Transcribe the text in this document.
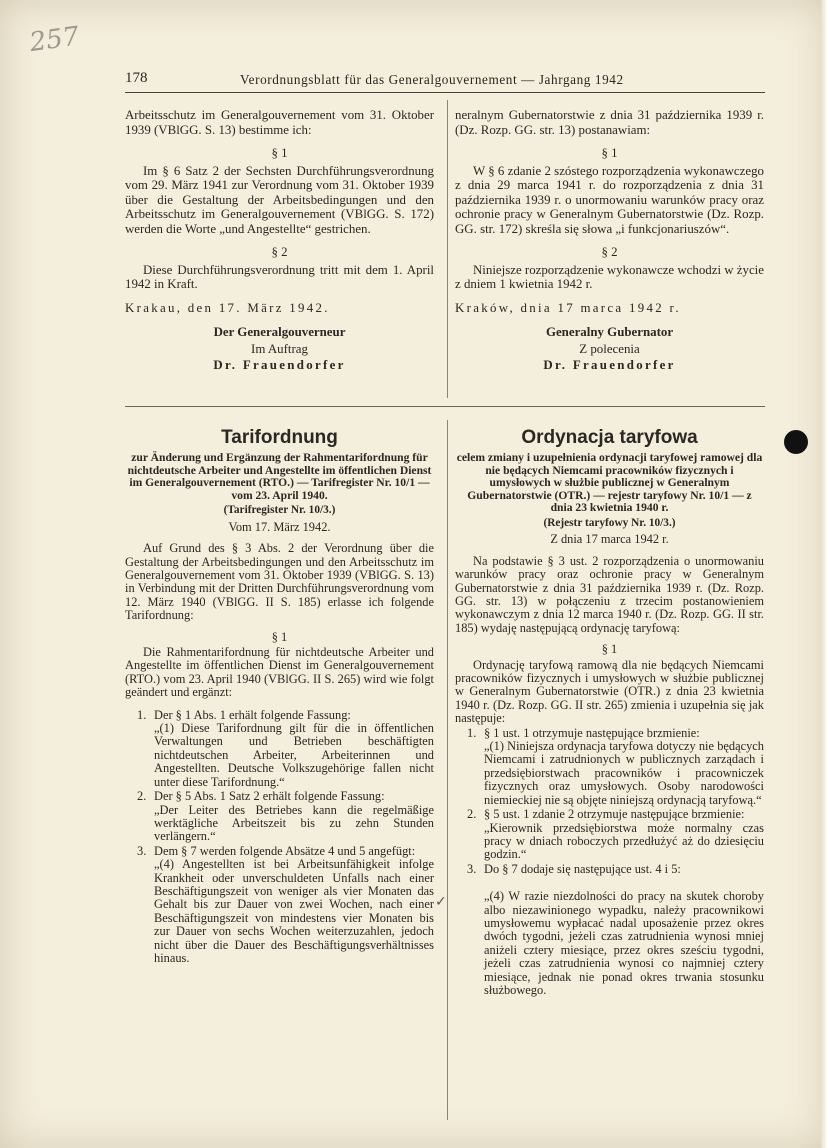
257
178	Verordnungsblatt für das Generalgouvernement — Jahrgang 1942
✓

Arbeitsschutz im Generalgouvernement vom 31. Oktober 1939 (VBlGG. S. 13) bestimme ich:

§ 1

Im § 6 Satz 2 der Sechsten Durchführungsverordnung vom 29. März 1941 zur Verordnung vom 31. Oktober 1939 über die Gestaltung der Arbeitsbedingungen und den Arbeitsschutz im Generalgouvernement (VBlGG. S. 172) werden die Worte „und Angestellte“ gestrichen.

§ 2

Diese Durchführungsverordnung tritt mit dem 1. April 1942 in Kraft.

Krakau, den 17. März 1942.

Der Generalgouverneur

Im Auftrag

Dr. Frauendorfer

neralnym Gubernatorstwie z dnia 31 października 1939 r. (Dz. Rozp. GG. str. 13) postanawiam:

§ 1

W § 6 zdanie 2 szóstego rozporządzenia wykonawczego z dnia 29 marca 1941 r. do rozporządzenia z dnia 31 października 1939 r. o unormowaniu warunków pracy oraz ochronie pracy w Generalnym Gubernatorstwie (Dz. Rozp. GG. str. 172) skreśla się słowa „i funkcjonariuszów“.

§ 2

Niniejsze rozporządzenie wykonawcze wchodzi w życie z dniem 1 kwietnia 1942 r.

Kraków, dnia 17 marca 1942 r.

Generalny Gubernator

Z polecenia

Dr. Frauendorfer

Tarifordnung

zur Änderung und Ergänzung der Rahmentarifordnung für nichtdeutsche Arbeiter und Angestellte im öffentlichen Dienst im Generalgouvernement (RTO.) — Tarifregister Nr. 10/1 — vom 23. April 1940.

(Tarifregister Nr. 10/3.)

Vom 17. März 1942.

Auf Grund des § 3 Abs. 2 der Verordnung über die Gestaltung der Arbeitsbedingungen und den Arbeitsschutz im Generalgouvernement vom 31. Oktober 1939 (VBlGG. S. 13) in Verbindung mit der Dritten Durchführungsverordnung vom 12. März 1940 (VBlGG. II S. 185) erlasse ich folgende Tarifordnung:

§ 1

Die Rahmentarifordnung für nichtdeutsche Arbeiter und Angestellte im öffentlichen Dienst im Generalgouvernement (RTO.) vom 23. April 1940 (VBlGG. II S. 265) wird wie folgt geändert und ergänzt:

1. Der § 1 Abs. 1 erhält folgende Fassung:

„(1) Diese Tarifordnung gilt für die in öffentlichen Verwaltungen und Betrieben beschäftigten nichtdeutschen Arbeiter, Arbeiterinnen und Angestellten. Deutsche Volkszugehörige fallen nicht unter diese Tarifordnung.“

2. Der § 5 Abs. 1 Satz 2 erhält folgende Fassung:

„Der Leiter des Betriebes kann die regelmäßige werktägliche Arbeitszeit bis zu zehn Stunden verlängern.“

3. Dem § 7 werden folgende Absätze 4 und 5 angefügt:

„(4) Angestellten ist bei Arbeitsunfähigkeit infolge Krankheit oder unverschuldeten Unfalls nach einer Beschäftigungszeit von weniger als vier Monaten das Gehalt bis zur Dauer von zwei Wochen, nach einer Beschäftigungszeit von mindestens vier Monaten bis zur Dauer von sechs Wochen weiterzuzahlen, jedoch nicht über die Dauer des Beschäftigungsverhältnisses hinaus.

Ordynacja taryfowa

celem zmiany i uzupełnienia ordynacji taryfowej ramowej dla nie będących Niemcami pracowników fizycznych i umysłowych w służbie publicznej w Generalnym Gubernatorstwie (OTR.) — rejestr taryfowy Nr. 10/1 — z dnia 23 kwietnia 1940 r.

(Rejestr taryfowy Nr. 10/3.)

Z dnia 17 marca 1942 r.

Na podstawie § 3 ust. 2 rozporządzenia o unormowaniu warunków pracy oraz ochronie pracy w Generalnym Gubernatorstwie z dnia 31 października 1939 r. (Dz. Rozp. GG. str. 13) w połączeniu z trzecim postanowieniem wykonawczym z dnia 12 marca 1940 r. (Dz. Rozp. GG. II str. 185) wydaję następującą ordynację taryfową:

§ 1

Ordynację taryfową ramową dla nie będących Niemcami pracowników fizycznych i umysłowych w służbie publicznej w Generalnym Gubernatorstwie (OTR.) z dnia 23 kwietnia 1940 r. (Dz. Rozp. GG. II str. 265) zmienia i uzupełnia się jak następuje:

1. § 1 ust. 1 otrzymuje następujące brzmienie:

„(1) Niniejsza ordynacja taryfowa dotyczy nie będących Niemcami i zatrudnionych w publicznych zarządach i przedsiębiorstwach pracowników i pracowniczek fizycznych oraz umysłowych. Osoby narodowości niemieckiej nie są objęte niniejszą ordynacją taryfową.“

2. § 5 ust. 1 zdanie 2 otrzymuje następujące brzmienie:

„Kierownik przedsiębiorstwa może normalny czas pracy w dniach roboczych przedłużyć aż do dziesięciu godzin.“

3. Do § 7 dodaje się następujące ust. 4 i 5:

„(4) W razie niezdolności do pracy na skutek choroby albo niezawinionego wypadku, należy pracownikowi umysłowemu wypłacać nadal uposażenie przez okres dwóch tygodni, jeżeli czas zatrudnienia wynosi mniej aniżeli cztery miesiące, przez okres sześciu tygodni, jeżeli czas zatrudnienia wynosi co najmniej cztery miesiące, jednak nie ponad okres trwania stosunku służbowego.
